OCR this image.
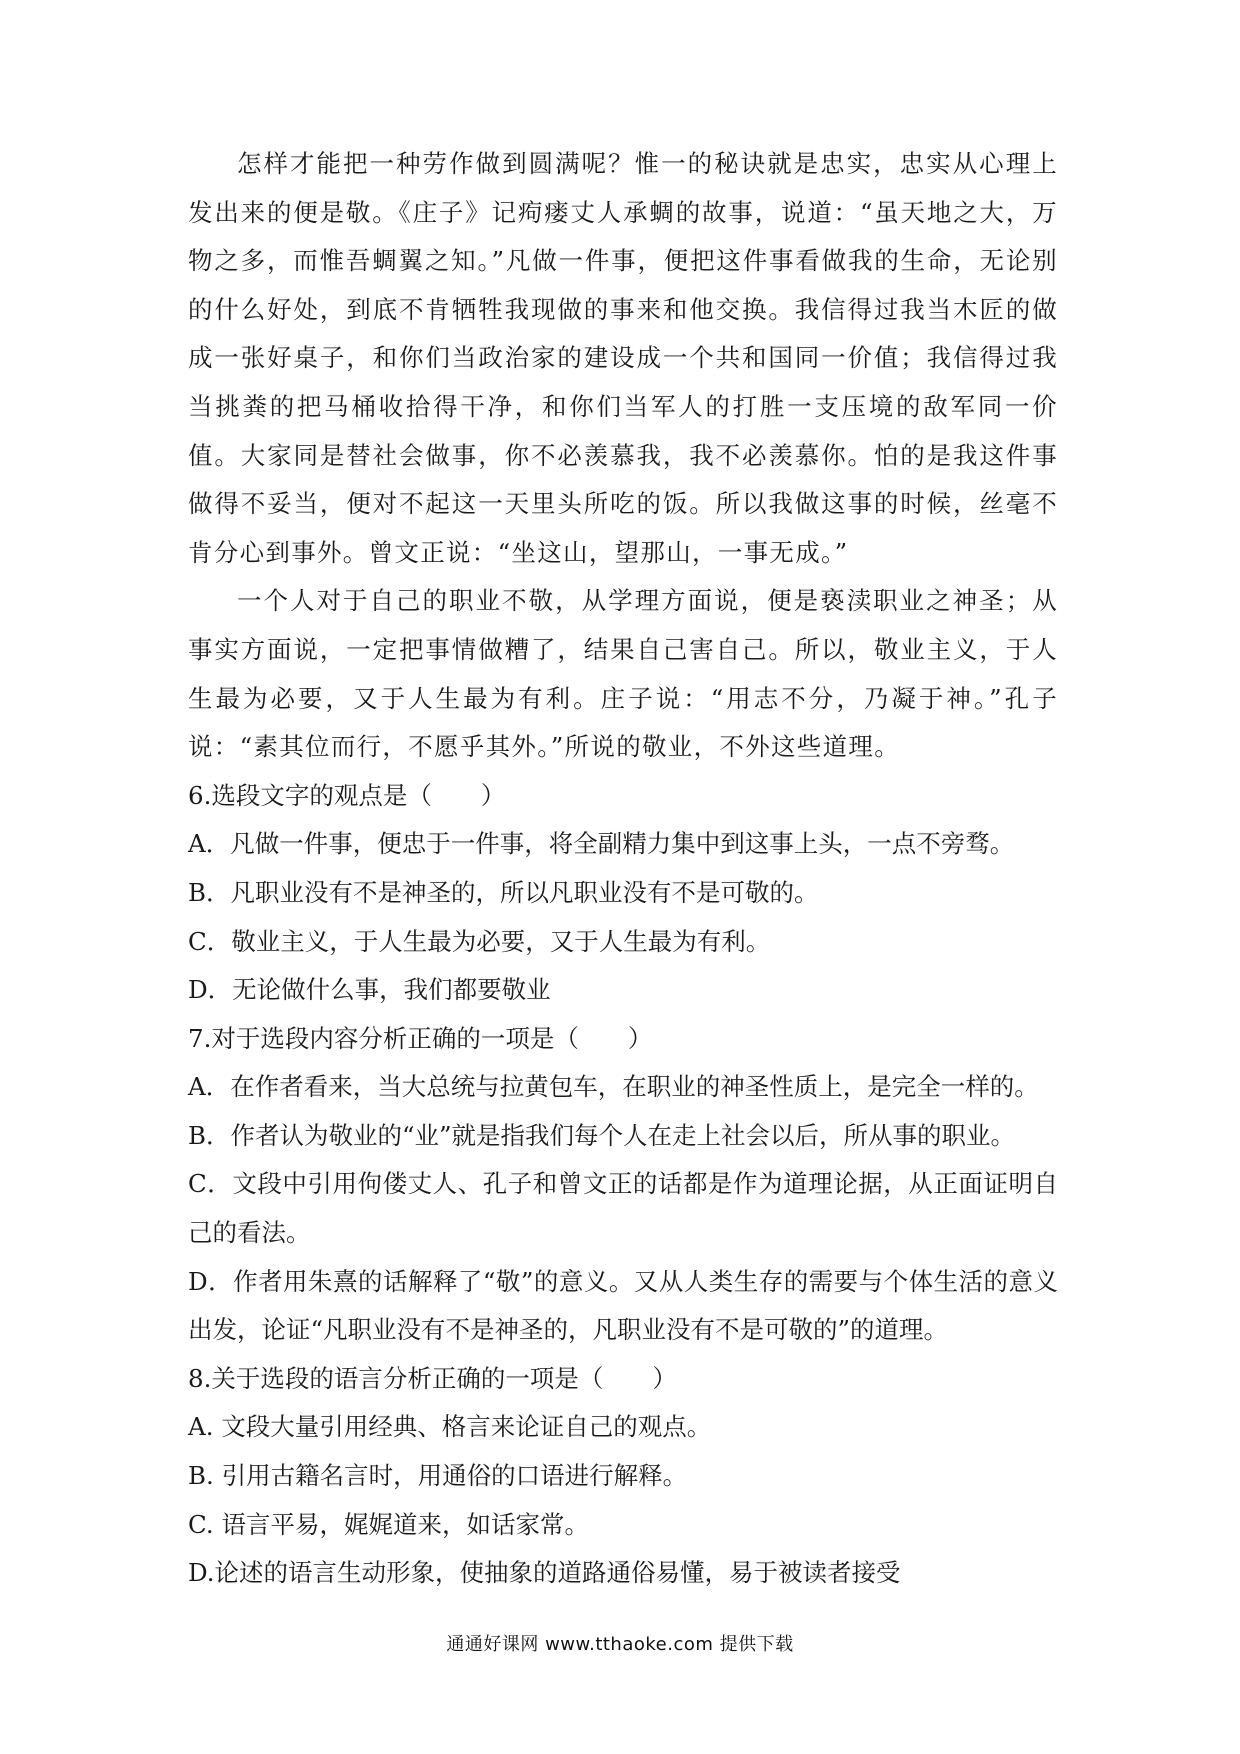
怎样才能把一种劳作做到圆满呢？惟一的秘诀就是忠实，忠实从心理上发出来的便是敬。《庄子》记痀瘘丈人承蜩的故事，说道：“虽天地之大，万物之多，而惟吾蜩翼之知。”凡做一件事，便把这件事看做我的生命，无论别的什么好处，到底不肯牺牲我现做的事来和他交换。我信得过我当木匠的做成一张好桌子，和你们当政治家的建设成一个共和国同一价值；我信得过我当挑粪的把马桶收拾得干净，和你们当军人的打胜一支压境的敌军同一价值。大家同是替社会做事，你不必羡慕我，我不必羡慕你。怕的是我这件事做得不妥当，便对不起这一天里头所吃的饭。所以我做这事的时候，丝毫不肯分心到事外。曾文正说：“坐这山，望那山，一事无成。”

一个人对于自己的职业不敬，从学理方面说，便是亵渎职业之神圣；从事实方面说，一定把事情做糟了，结果自己害自己。所以，敬业主义，于人生最为必要，又于人生最为有利。庄子说：“用志不分，乃凝于神。”孔子说：“素其位而行，不愿乎其外。”所说的敬业，不外这些道理。

6.选段文字的观点是（　　）

A．凡做一件事，便忠于一件事，将全副精力集中到这事上头，一点不旁骛。

B．凡职业没有不是神圣的，所以凡职业没有不是可敬的。

C．敬业主义，于人生最为必要，又于人生最为有利。

D．无论做什么事，我们都要敬业

7.对于选段内容分析正确的一项是（　　）

A．在作者看来，当大总统与拉黄包车，在职业的神圣性质上，是完全一样的。

B．作者认为敬业的“业”就是指我们每个人在走上社会以后，所从事的职业。

C．文段中引用佝偻丈人、孔子和曾文正的话都是作为道理论据，从正面证明自己的看法。

D．作者用朱熹的话解释了“敬”的意义。又从人类生存的需要与个体生活的意义出发，论证“凡职业没有不是神圣的，凡职业没有不是可敬的”的道理。

8.关于选段的语言分析正确的一项是（　　）

A. 文段大量引用经典、格言来论证自己的观点。

B. 引用古籍名言时，用通俗的口语进行解释。

C. 语言平易，娓娓道来，如话家常。

D.论述的语言生动形象，使抽象的道路通俗易懂，易于被读者接受

通通好课网 www.tthaoke.com 提供下载
